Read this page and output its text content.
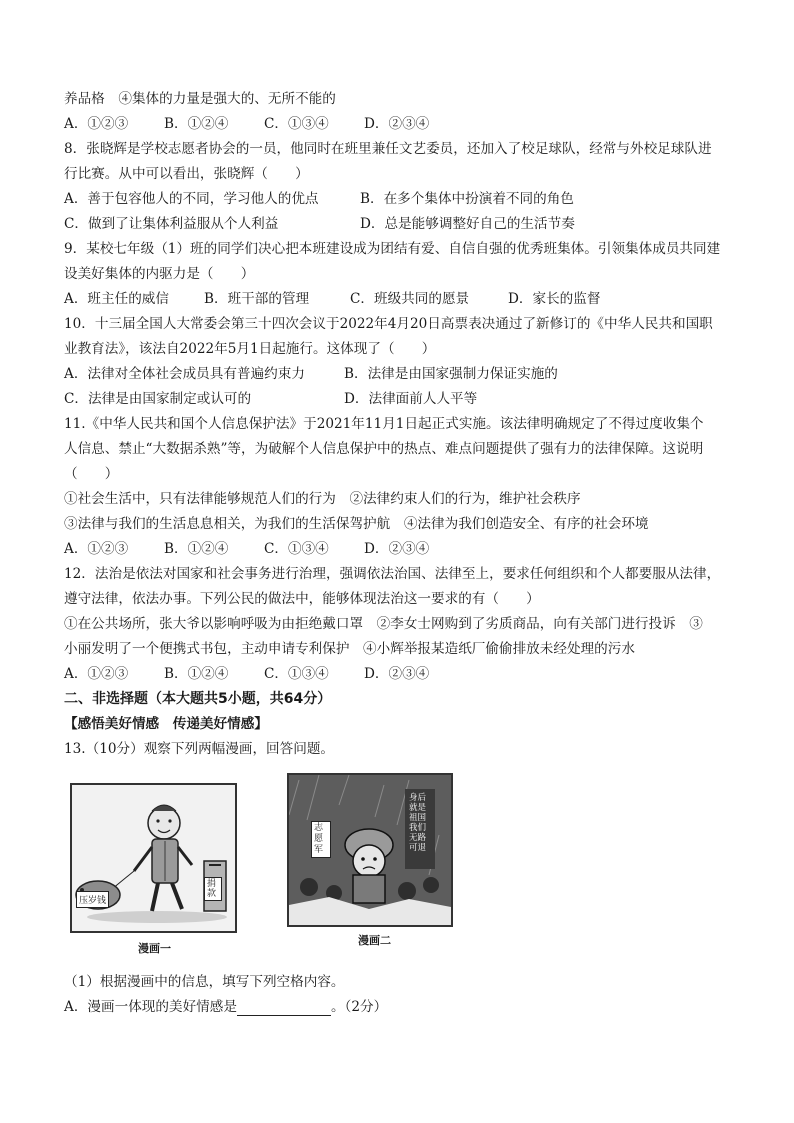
养品格　④集体的力量是强大的、无所不能的
A．①②③	B．①②④	C．①③④	D．②③④
8．张晓辉是学校志愿者协会的一员，他同时在班里兼任文艺委员，还加入了校足球队，经常与外校足球队进
行比赛。从中可以看出，张晓辉（　　）
A．善于包容他人的不同，学习他人的优点	B．在多个集体中扮演着不同的角色
C．做到了让集体利益服从个人利益	D．总是能够调整好自己的生活节奏
9．某校七年级（1）班的同学们决心把本班建设成为团结有爱、自信自强的优秀班集体。引领集体成员共同建
设美好集体的内驱力是（　　）
A．班主任的威信	B．班干部的管理	C．班级共同的愿景	D．家长的监督
10．十三届全国人大常委会第三十四次会议于2022年4月20日高票表决通过了新修订的《中华人民共和国职
业教育法》，该法自2022年5月1日起施行。这体现了（　　）
A．法律对全体社会成员具有普遍约束力	B．法律是由国家强制力保证实施的
C．法律是由国家制定或认可的	D．法律面前人人平等
11.《中华人民共和国个人信息保护法》于2021年11月1日起正式实施。该法律明确规定了不得过度收集个
人信息、禁止“大数据杀熟”等，为破解个人信息保护中的热点、难点问题提供了强有力的法律保障。这说明
（　　）
①社会生活中，只有法律能够规范人们的行为　②法律约束人们的行为，维护社会秩序
③法律与我们的生活息息相关，为我们的生活保驾护航　④法律为我们创造安全、有序的社会环境
A．①②③	B．①②④	C．①③④	D．②③④
12．法治是依法对国家和社会事务进行治理，强调依法治国、法律至上，要求任何组织和个人都要服从法律，
遵守法律，依法办事。下列公民的做法中，能够体现法治这一要求的有（　　）
①在公共场所，张大爷以影响呼吸为由拒绝戴口罩　②李女士网购到了劣质商品，向有关部门进行投诉　③
小丽发明了一个便携式书包，主动申请专利保护　④小辉举报某造纸厂偷偷排放未经处理的污水
A．①②③	B．①②④	C．①③④	D．②③④
二、非选择题（本大题共5小题，共64分）
【感悟美好情感　传递美好情感】
13.（10分）观察下列两幅漫画，回答问题。
压岁钱
捐款
漫画一
志愿军
身后就是祖国 我们无路可退
漫画二
（1）根据漫画中的信息，填写下列空格内容。
A．漫画一体现的美好情感是	。（2分）
